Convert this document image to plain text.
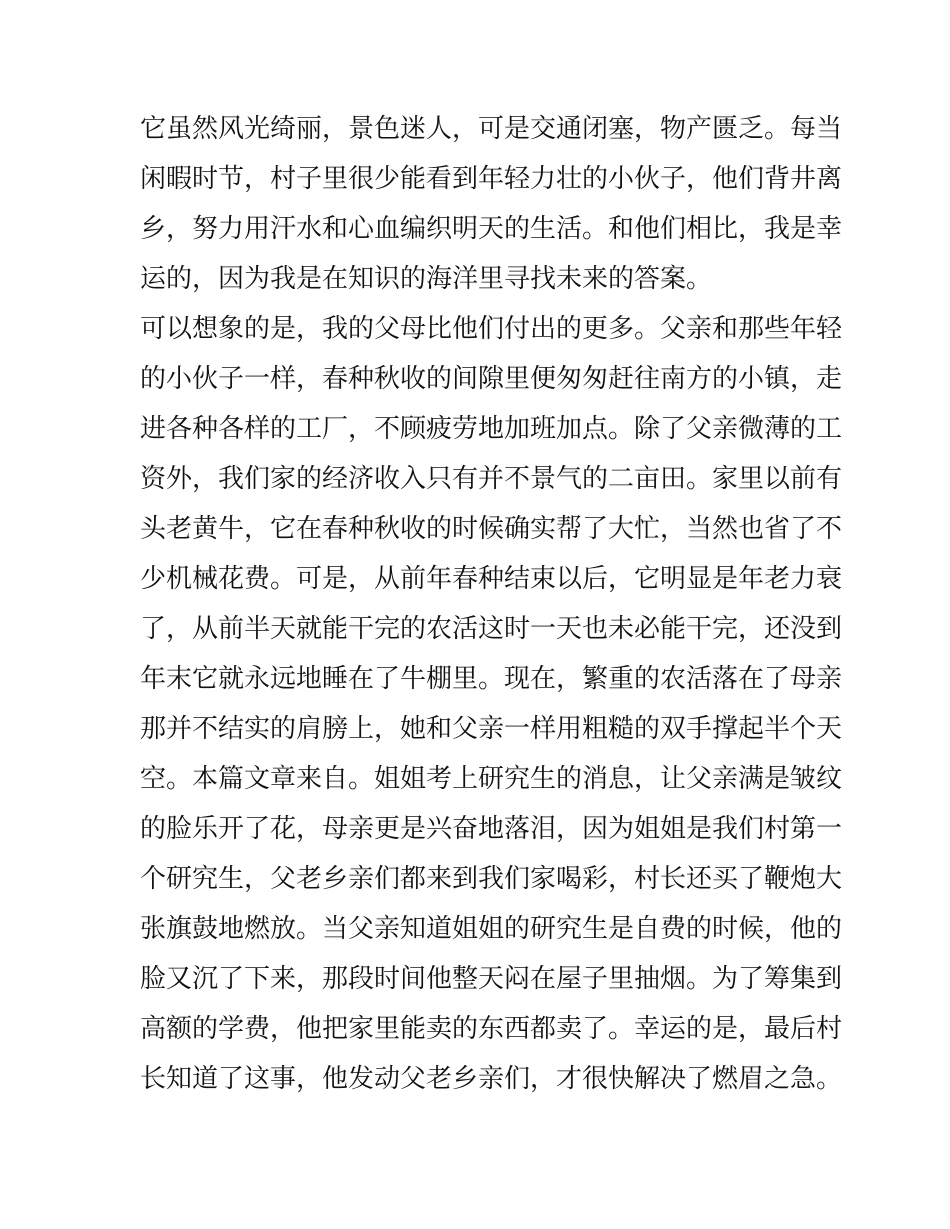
它虽然风光绮丽，景色迷人，可是交通闭塞，物产匮乏。每当
闲暇时节，村子里很少能看到年轻力壮的小伙子，他们背井离
乡，努力用汗水和心血编织明天的生活。和他们相比，我是幸
运的，因为我是在知识的海洋里寻找未来的答案。
可以想象的是，我的父母比他们付出的更多。父亲和那些年轻
的小伙子一样，春种秋收的间隙里便匆匆赶往南方的小镇，走
进各种各样的工厂，不顾疲劳地加班加点。除了父亲微薄的工
资外，我们家的经济收入只有并不景气的二亩田。家里以前有
头老黄牛，它在春种秋收的时候确实帮了大忙，当然也省了不
少机械花费。可是，从前年春种结束以后，它明显是年老力衰
了，从前半天就能干完的农活这时一天也未必能干完，还没到
年末它就永远地睡在了牛棚里。现在，繁重的农活落在了母亲
那并不结实的肩膀上，她和父亲一样用粗糙的双手撑起半个天
空。本篇文章来自。姐姐考上研究生的消息，让父亲满是皱纹
的脸乐开了花，母亲更是兴奋地落泪，因为姐姐是我们村第一
个研究生，父老乡亲们都来到我们家喝彩，村长还买了鞭炮大
张旗鼓地燃放。当父亲知道姐姐的研究生是自费的时候，他的
脸又沉了下来，那段时间他整天闷在屋子里抽烟。为了筹集到
高额的学费，他把家里能卖的东西都卖了。幸运的是，最后村
长知道了这事，他发动父老乡亲们，才很快解决了燃眉之急。
